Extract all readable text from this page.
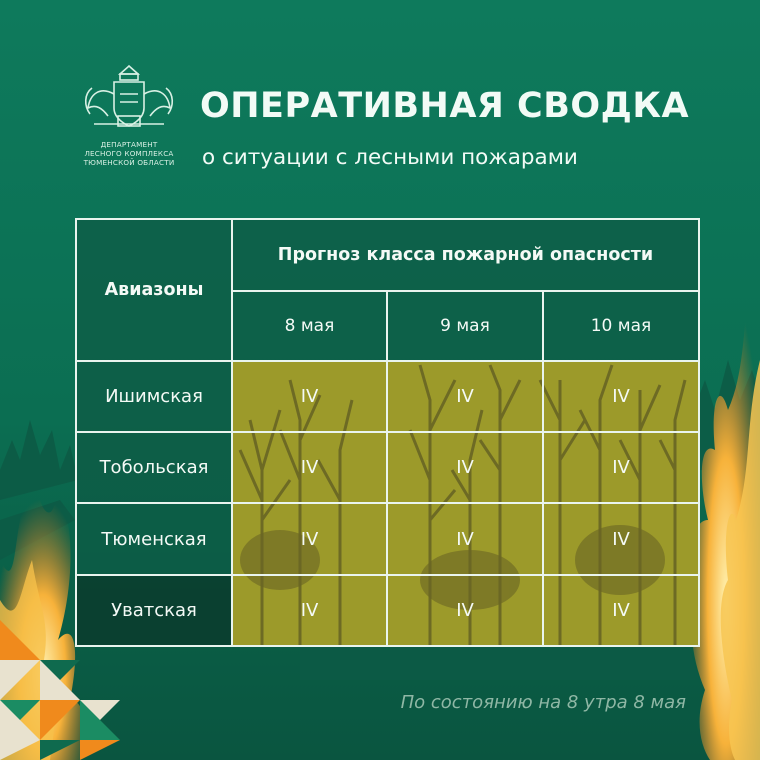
ДЕПАРТАМЕНТ
ЛЕСНОГО КОМПЛЕКСА
ТЮМЕНСКОЙ ОБЛАСТИ
ОПЕРАТИВНАЯ СВОДКА
о ситуации с лесными пожарами
Авиазоны	Прогноз класса пожарной опасности		
	8 мая	9 мая	10 мая
Ишимская	IV	IV	IV
Тобольская	IV	IV	IV
Тюменская	IV	IV	IV
Уватская	IV	IV	IV
По состоянию на 8 утра 8 мая
